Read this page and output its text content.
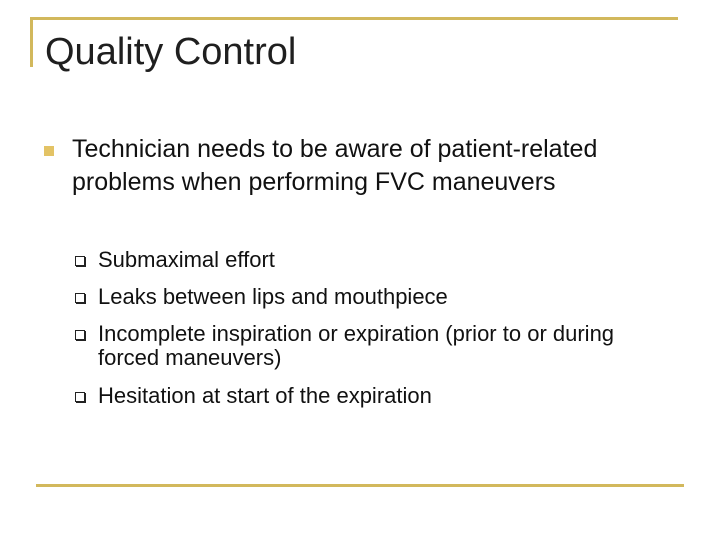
Quality Control
Technician needs to be aware of patient-related problems when performing FVC maneuvers
Submaximal effort
Leaks between lips and mouthpiece
Incomplete inspiration or expiration (prior to or during forced maneuvers)
Hesitation at start of the expiration
